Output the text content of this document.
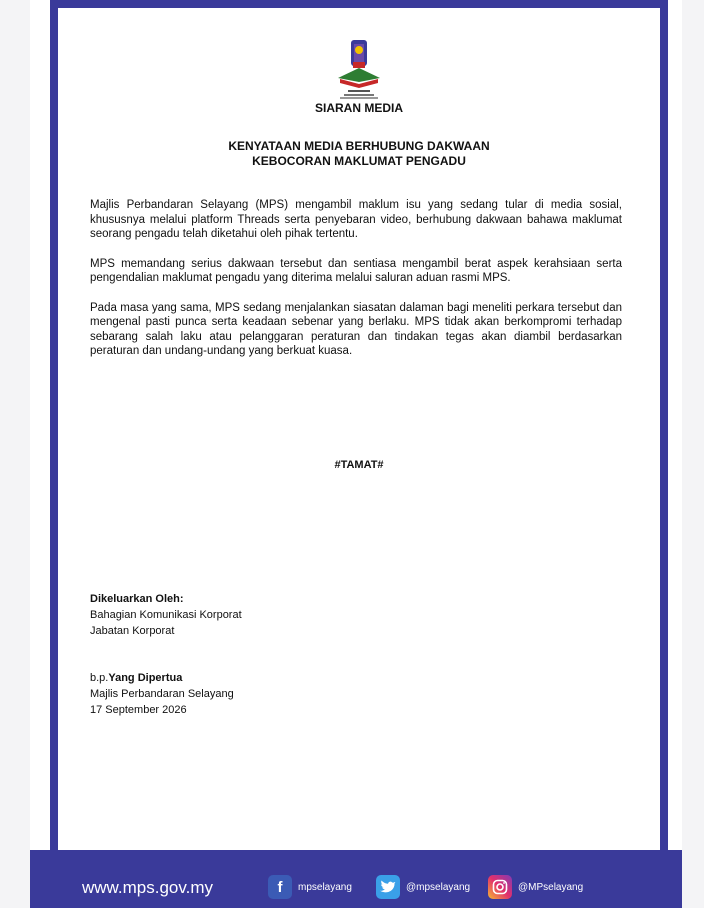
SIARAN MEDIA
KENYATAAN MEDIA BERHUBUNG DAKWAAN
KEBOCORAN MAKLUMAT PENGADU

Majlis Perbandaran Selayang (MPS) mengambil maklum isu yang sedang tular di media sosial, khususnya melalui platform Threads serta penyebaran video, berhubung dakwaan bahawa maklumat seorang pengadu telah diketahui oleh pihak tertentu.

MPS memandang serius dakwaan tersebut dan sentiasa mengambil berat aspek kerahsiaan serta pengendalian maklumat pengadu yang diterima melalui saluran aduan rasmi MPS.

Pada masa yang sama, MPS sedang menjalankan siasatan dalaman bagi meneliti perkara tersebut dan mengenal pasti punca serta keadaan sebenar yang berlaku. MPS tidak akan berkompromi terhadap sebarang salah laku atau pelanggaran peraturan dan tindakan tegas akan diambil berdasarkan peraturan dan undang-undang yang berkuat kuasa.

#TAMAT#
Dikeluarkan Oleh:
Bahagian Komunikasi Korporat
Jabatan Korporat
b.p.Yang Dipertua
Majlis Perbandaran Selayang
17 September 2026
www.mps.gov.my	f	mpselayang	@mpselayang	@MPselayang
